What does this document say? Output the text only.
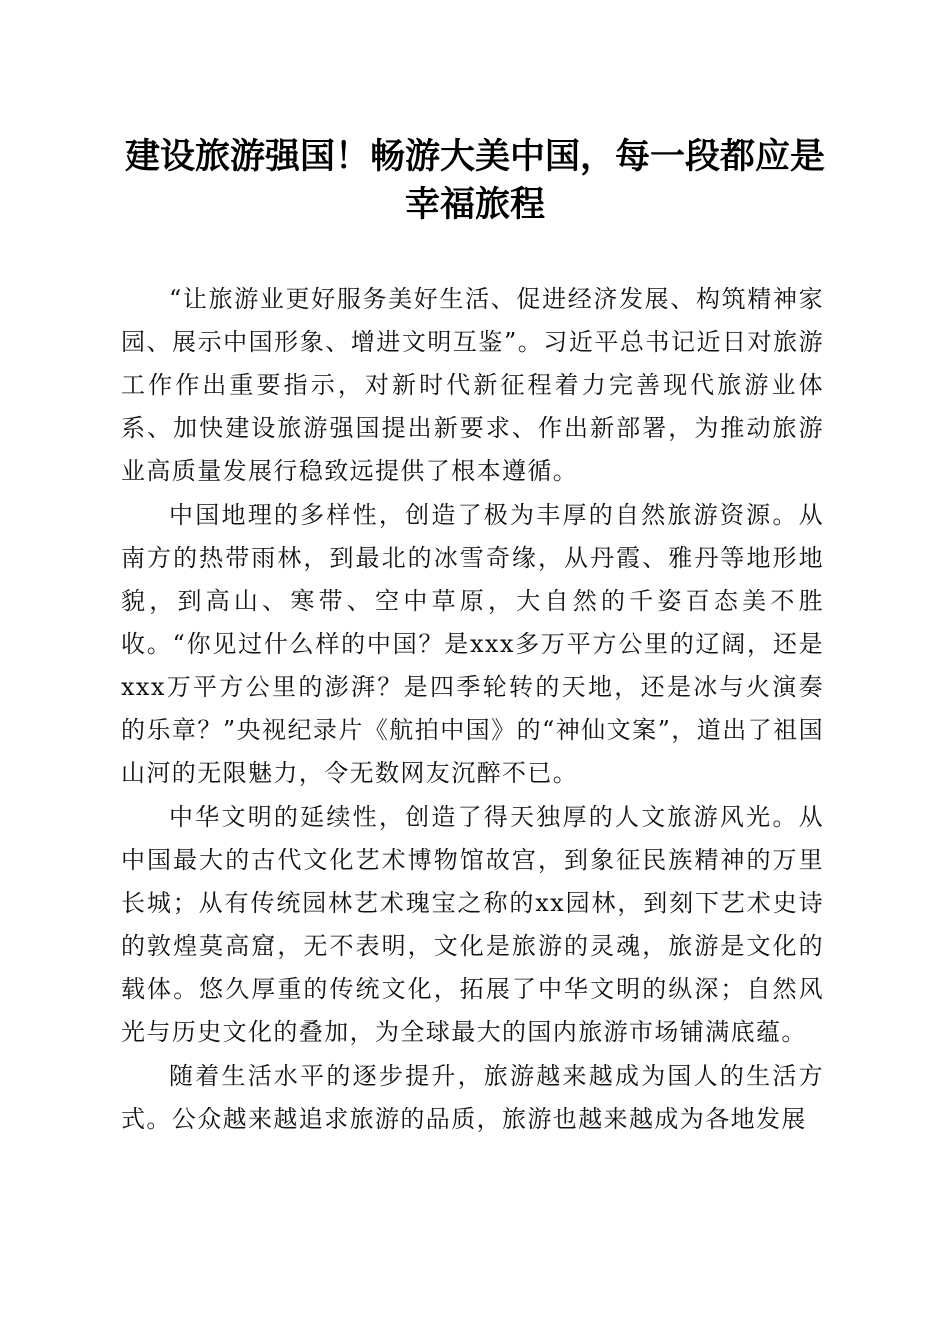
建设旅游强国！畅游大美中国，每一段都应是幸福旅程

“让旅游业更好服务美好生活、促进经济发展、构筑精神家园、展示中国形象、增进文明互鉴”。习近平总书记近日对旅游工作作出重要指示，对新时代新征程着力完善现代旅游业体系、加快建设旅游强国提出新要求、作出新部署，为推动旅游业高质量发展行稳致远提供了根本遵循。

中国地理的多样性，创造了极为丰厚的自然旅游资源。从南方的热带雨林，到最北的冰雪奇缘，从丹霞、雅丹等地形地貌，到高山、寒带、空中草原，大自然的千姿百态美不胜收。“你见过什么样的中国？是xxx多万平方公里的辽阔，还是xxx万平方公里的澎湃？是四季轮转的天地，还是冰与火演奏的乐章？”央视纪录片《航拍中国》的“神仙文案”，道出了祖国山河的无限魅力，令无数网友沉醉不已。

中华文明的延续性，创造了得天独厚的人文旅游风光。从中国最大的古代文化艺术博物馆故宫，到象征民族精神的万里长城；从有传统园林艺术瑰宝之称的xx园林，到刻下艺术史诗的敦煌莫高窟，无不表明，文化是旅游的灵魂，旅游是文化的载体。悠久厚重的传统文化，拓展了中华文明的纵深；自然风光与历史文化的叠加，为全球最大的国内旅游市场铺满底蕴。

随着生活水平的逐步提升，旅游越来越成为国人的生活方式。公众越来越追求旅游的品质，旅游也越来越成为各地发展
